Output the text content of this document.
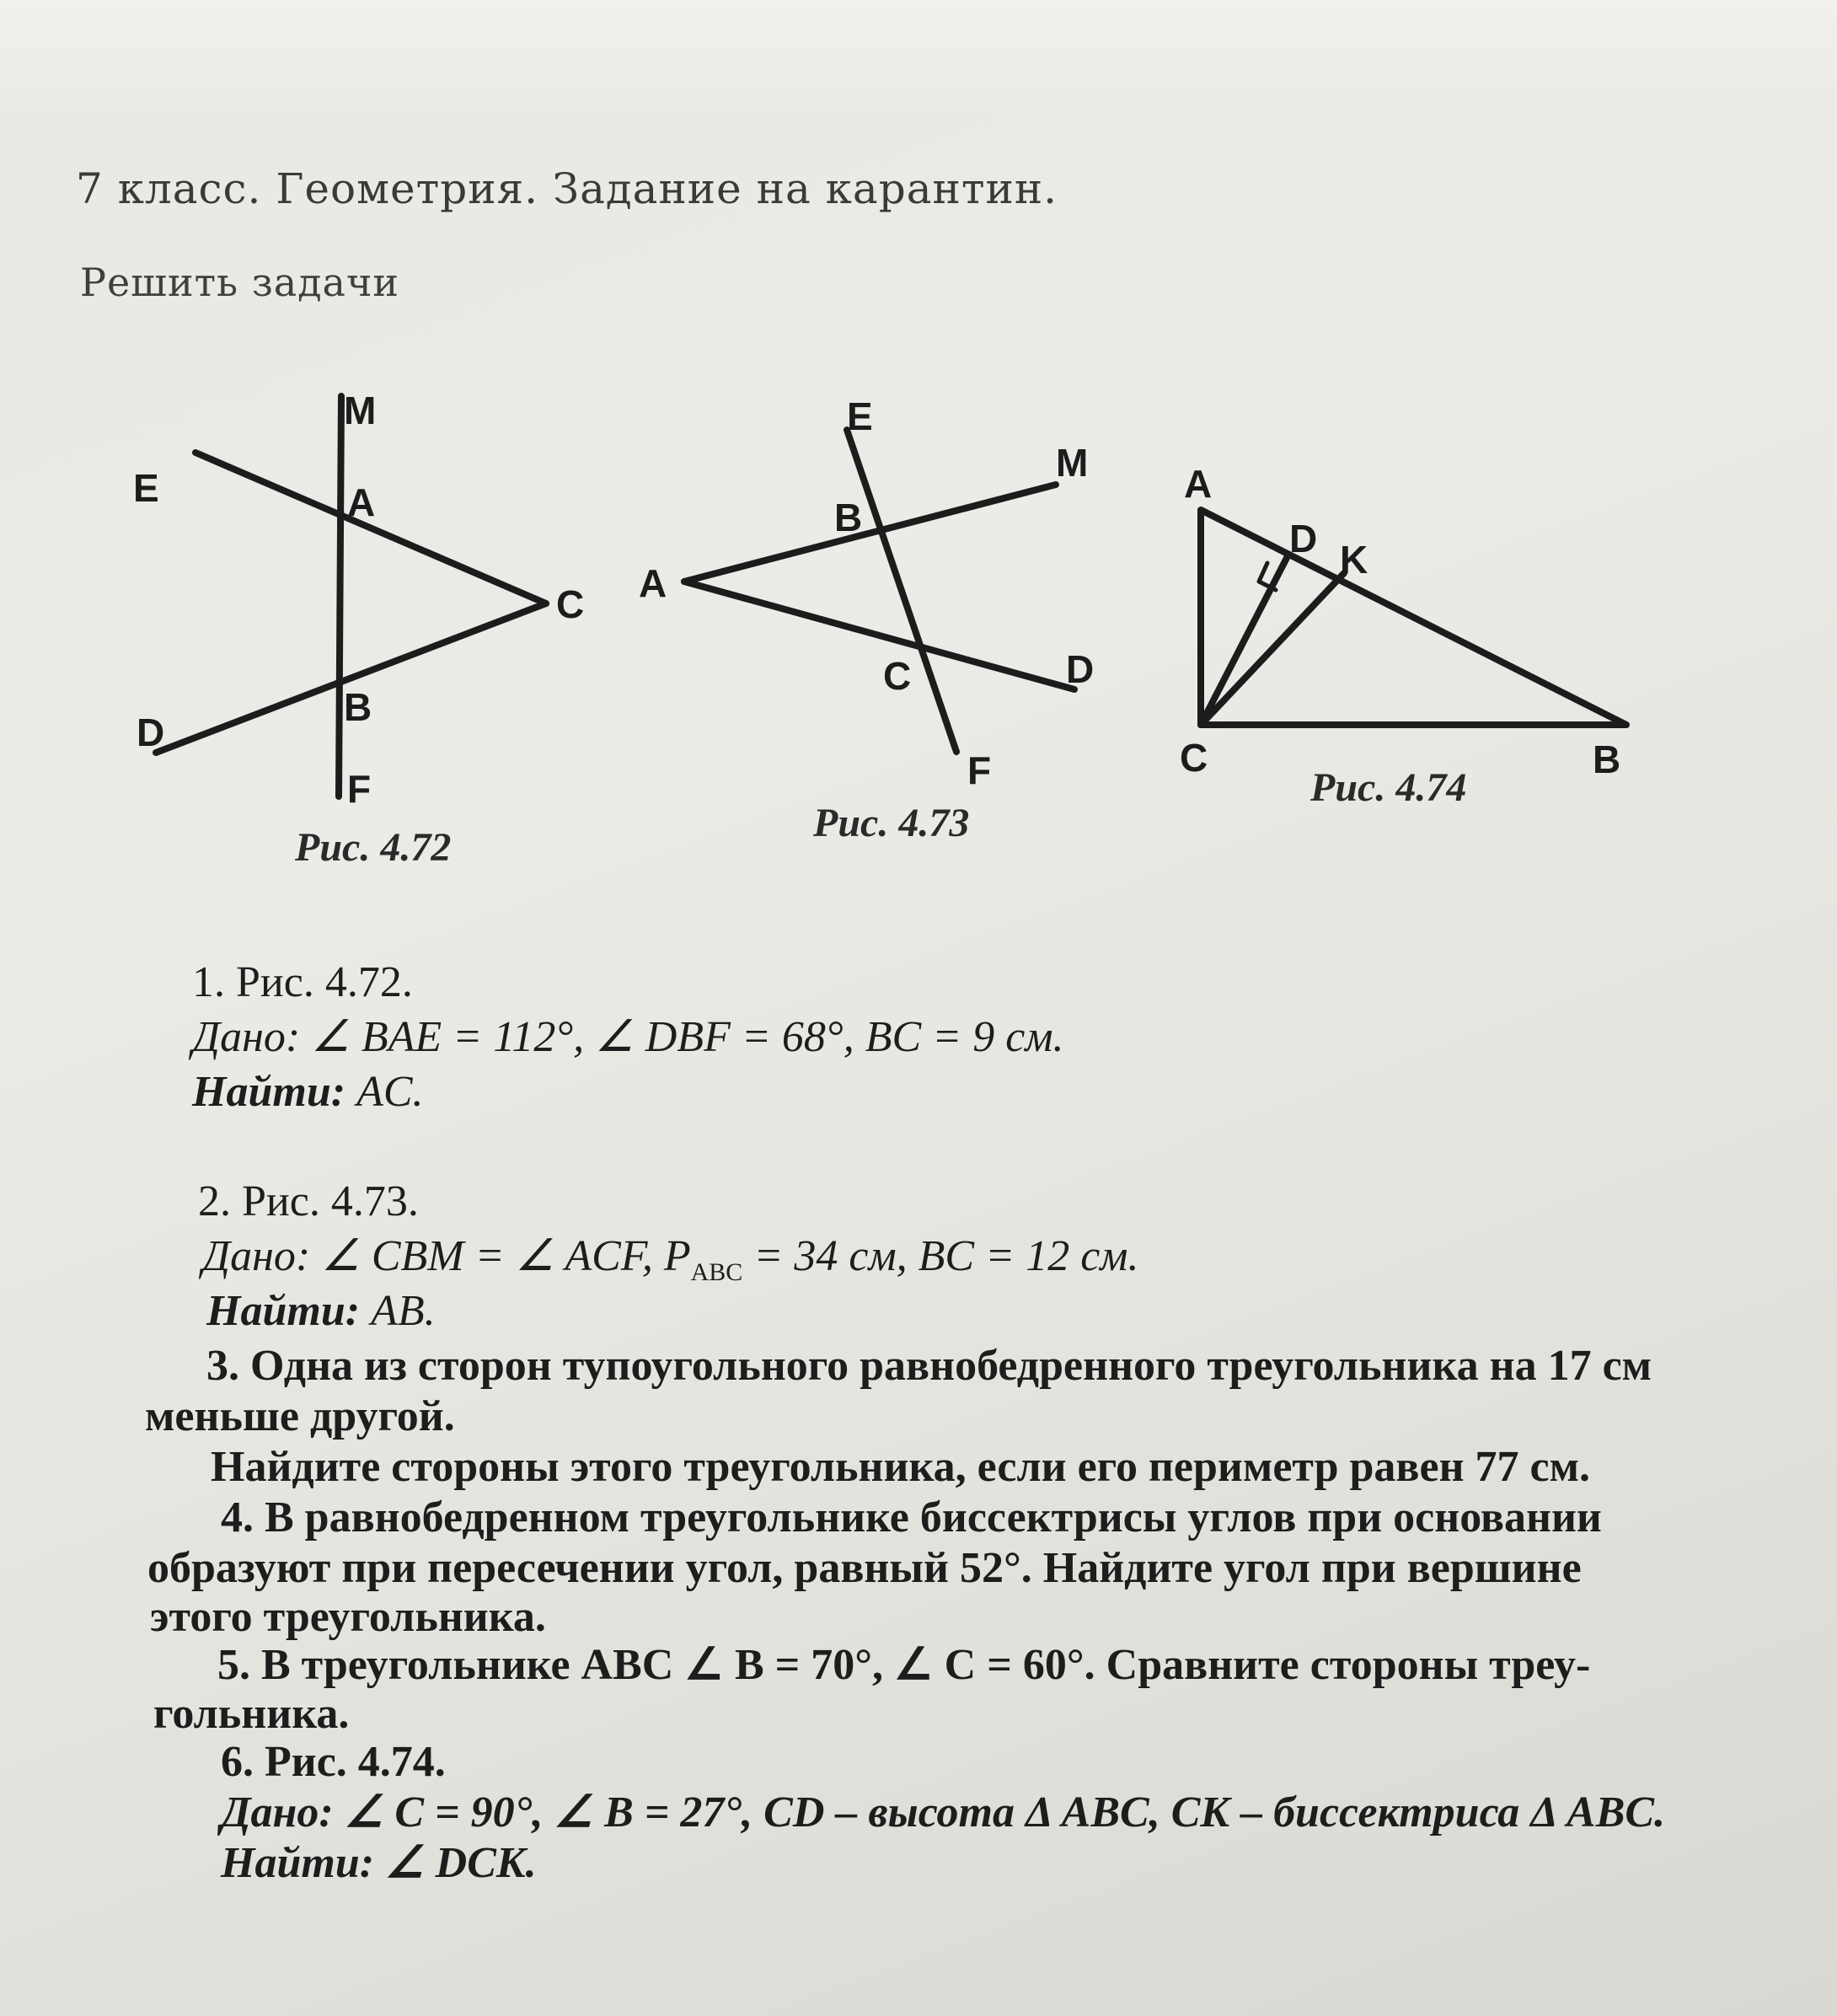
7 класс. Геометрия. Задание на карантин.
Решить задачи
M
E	A
C
B
D
F
Рис. 4.72
E
M
B
A
C	D
F
Рис. 4.73
A
D K
C	B
Рис. 4.74
1. Рис. 4.72.
Дано: ∠ BAE = 112°, ∠ DBF = 68°, BC = 9 см.
Найти: AC.
2. Рис. 4.73.
Дано: ∠ CBM = ∠ ACF, $P_{ABC} = 34$ см, BC = 12 см.
Найти: AB.
3. Одна из сторон тупоугольного равнобедренного треугольника на 17 см
меньше другой.
Найдите стороны этого треугольника, если его периметр равен 77 см.
4. В равнобедренном треугольнике биссектрисы углов при основании
образуют при пересечении угол, равный 52°. Найдите угол при вершине
этого треугольника.
5. В треугольнике ABC ∠ B = 70°, ∠ C = 60°. Сравните стороны треу-
гольника.
6. Рис. 4.74.
Дано: ∠ C = 90°, ∠ B = 27°, CD – высота Δ ABC, CK – биссектриса Δ ABC.
Найти: ∠ DCK.
